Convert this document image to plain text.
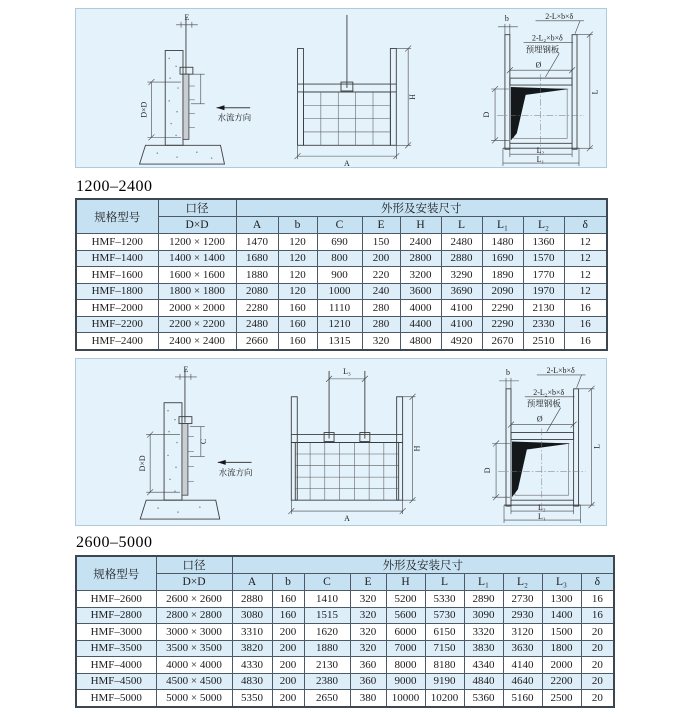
E
D×D
水流方向
H
A
b	2-L×b×δ
2-L₂×b×δ
预埋钢板
Ø
D
L
L₂
L₁
1200–2400
规格型号	口径	外形及安装尺寸								
	D×D	A	b	C	E	H	L	L₁	L₂	δ
HMF–1200	1200 × 1200	1470	120	690	150	2400	2480	1480	1360	12
HMF–1400	1400 × 1400	1680	120	800	200	2800	2880	1690	1570	12
HMF–1600	1600 × 1600	1880	120	900	220	3200	3290	1890	1770	12
HMF–1800	1800 × 1800	2080	120	1000	240	3600	3690	2090	1970	12
HMF–2000	2000 × 2000	2280	160	1110	280	4000	4100	2290	2130	16
HMF–2200	2200 × 2200	2480	160	1210	280	4400	4100	2290	2330	16
HMF–2400	2400 × 2400	2660	160	1315	320	4800	4920	2670	2510	16
E
D×D
C
水流方向
L₃
H
A
b	2-L×b×δ
2-L₂×b×δ
预埋钢板
Ø
D
L
L₂
L₁
2600–5000
规格型号	口径	外形及安装尺寸									
	D×D	A	b	C	E	H	L	L₁	L₂	L₃	δ
HMF–2600	2600 × 2600	2880	160	1410	320	5200	5330	2890	2730	1300	16
HMF–2800	2800 × 2800	3080	160	1515	320	5600	5730	3090	2930	1400	16
HMF–3000	3000 × 3000	3310	200	1620	320	6000	6150	3320	3120	1500	20
HMF–3500	3500 × 3500	3820	200	1880	320	7000	7150	3830	3630	1800	20
HMF–4000	4000 × 4000	4330	200	2130	360	8000	8180	4340	4140	2000	20
HMF–4500	4500 × 4500	4830	200	2380	360	9000	9190	4840	4640	2200	20
HMF–5000	5000 × 5000	5350	200	2650	380	10000	10200	5360	5160	2500	20
